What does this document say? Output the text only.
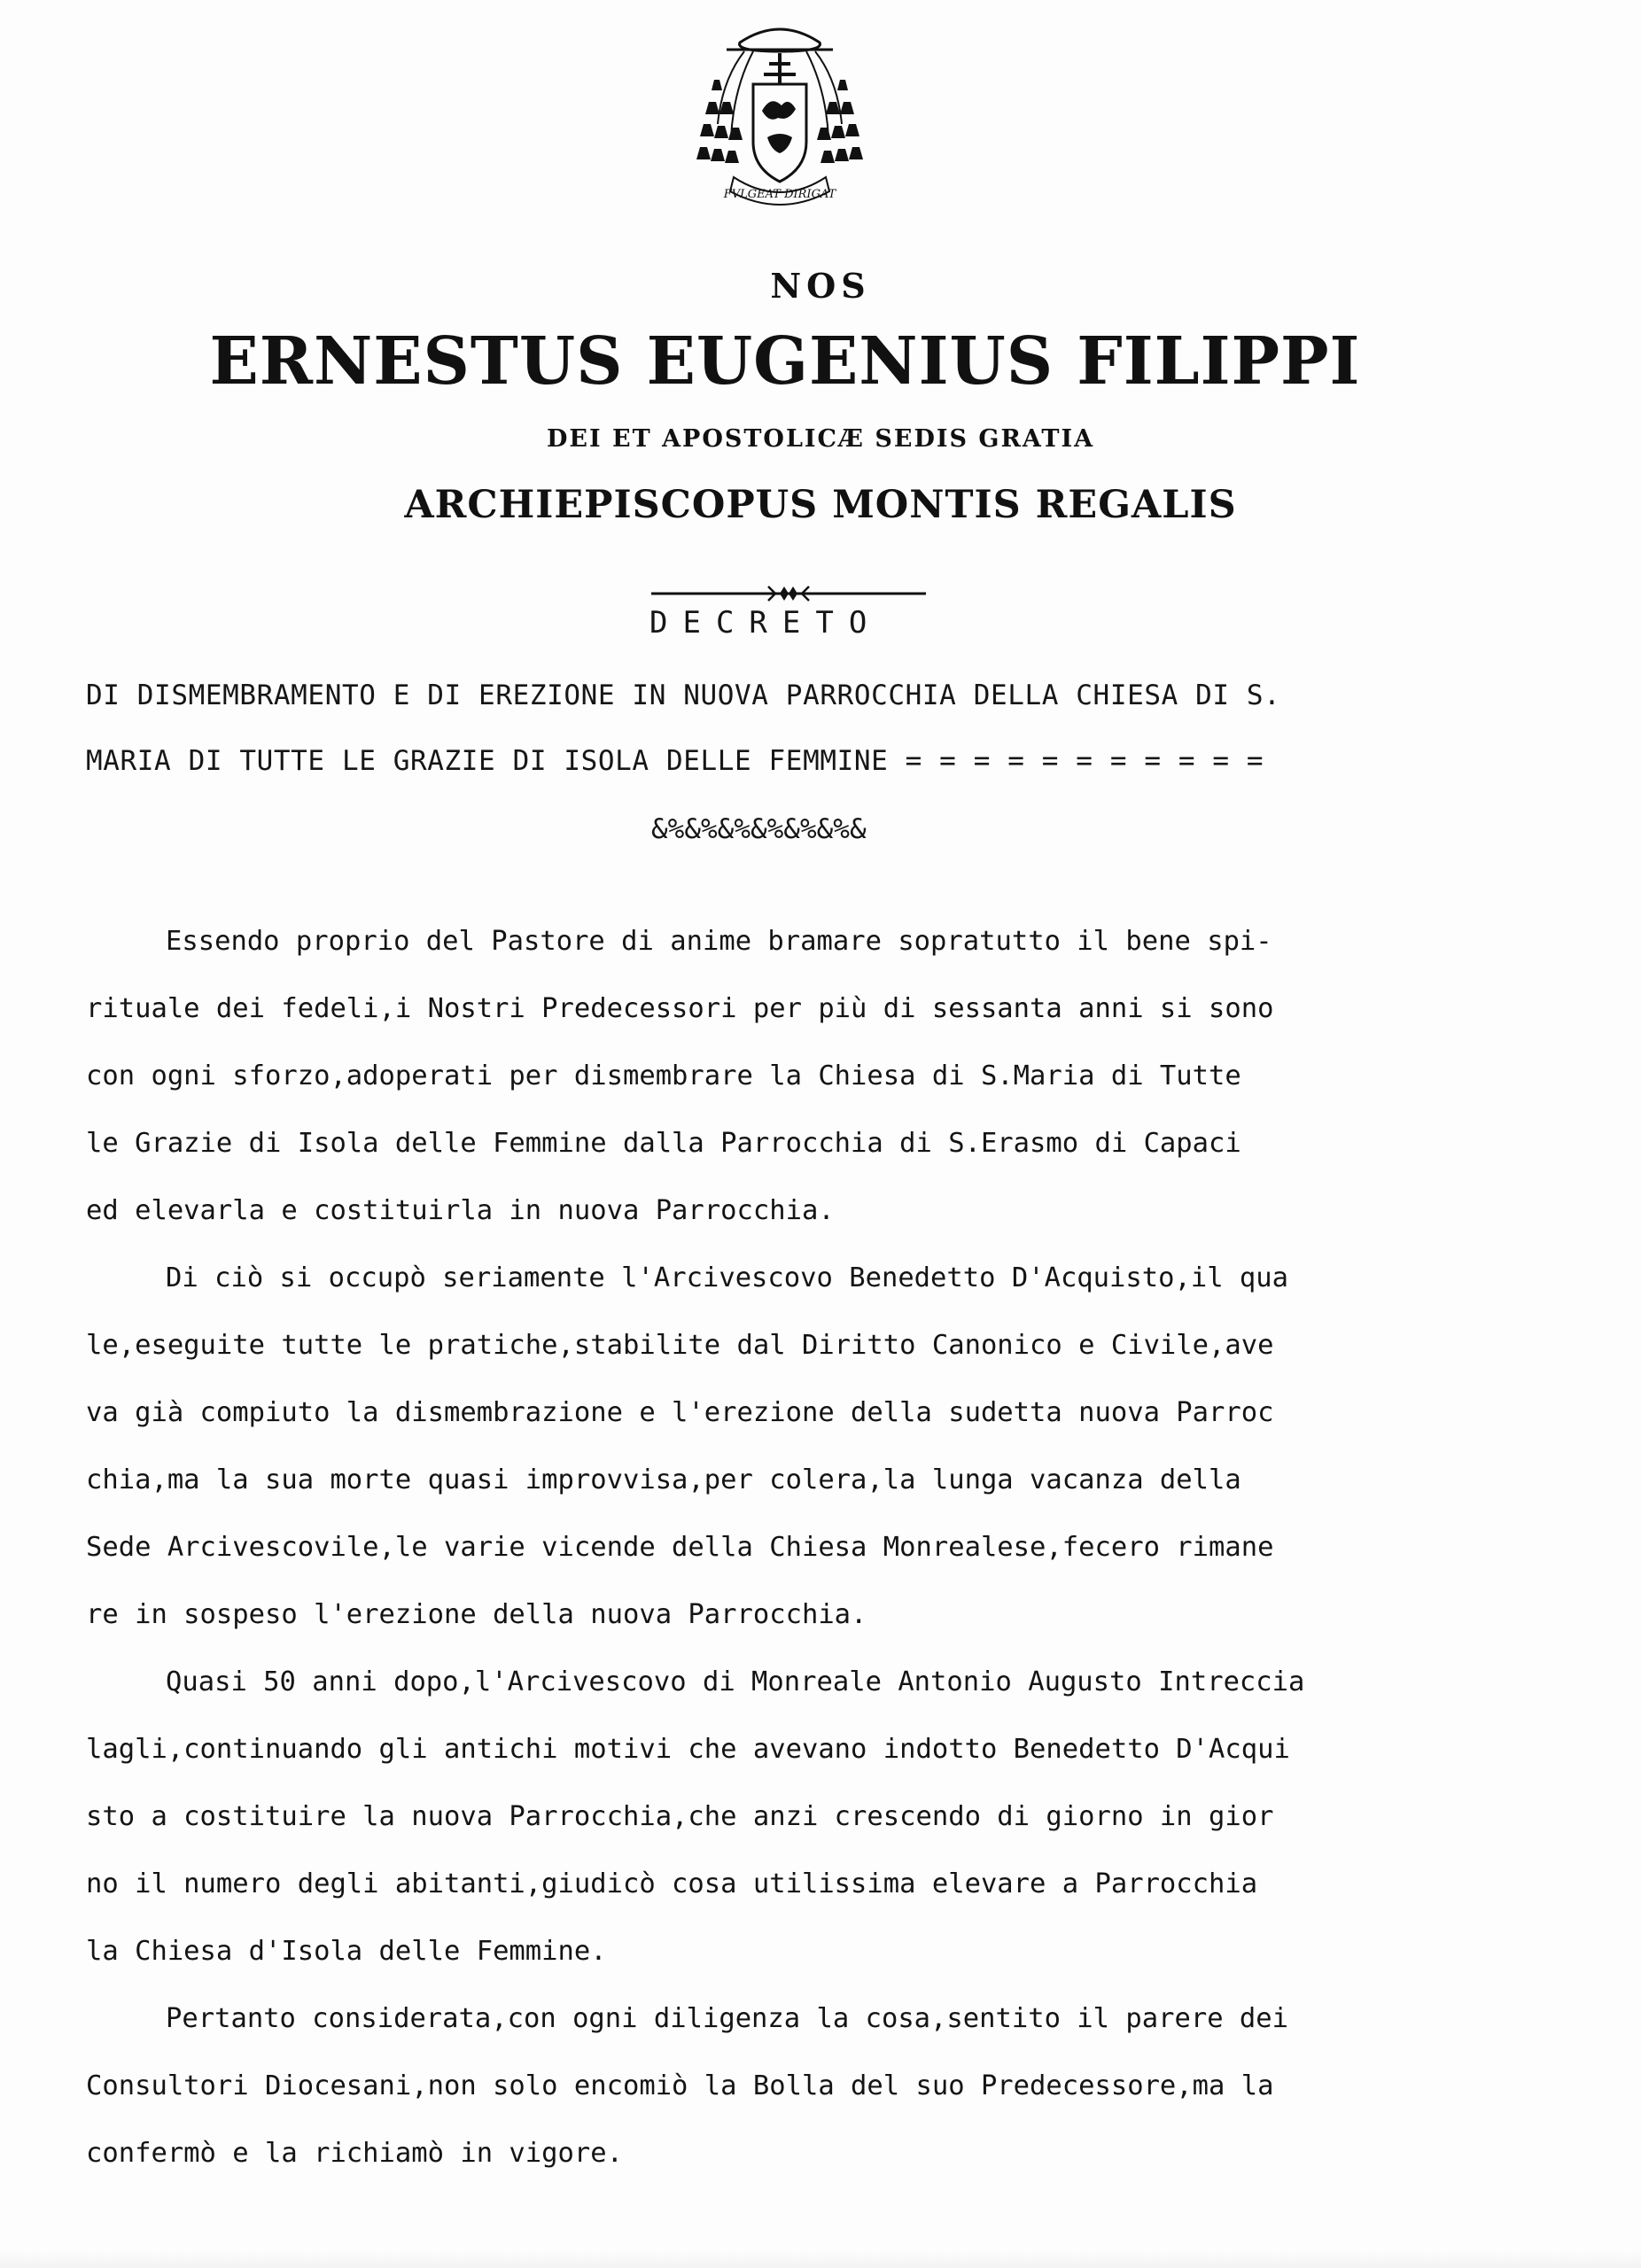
FVLGEAT DIRIGAT
NOS
ERNESTUS EUGENIUS FILIPPI
DEI ET APOSTOLICÆ SEDIS GRATIA
ARCHIEPISCOPUS MONTIS REGALIS
DECRETO
DI DISMEMBRAMENTO E DI EREZIONE IN NUOVA PARROCCHIA DELLA CHIESA DI S.
MARIA DI TUTTE LE GRAZIE DI ISOLA DELLE FEMMINE = = = = = = = = = = =
&%&%&%&%&%&%&

Essendo proprio del Pastore di anime bramare sopratutto il bene spi-
rituale dei fedeli,i Nostri Predecessori per più di sessanta anni si sono
con ogni sforzo,adoperati per dismembrare la Chiesa di S.Maria di Tutte
le Grazie di Isola delle Femmine dalla Parrocchia di S.Erasmo di Capaci
ed elevarla e costituirla in nuova Parrocchia.

Di ciò si occupò seriamente l'Arcivescovo Benedetto D'Acquisto,il qua
le,eseguite tutte le pratiche,stabilite dal Diritto Canonico e Civile,ave
va già compiuto la dismembrazione e l'erezione della sudetta nuova Parroc
chia,ma la sua morte quasi improvvisa,per colera,la lunga vacanza della
Sede Arcivescovile,le varie vicende della Chiesa Monrealese,fecero rimane
re in sospeso l'erezione della nuova Parrocchia.

Quasi 50 anni dopo,l'Arcivescovo di Monreale Antonio Augusto Intreccia
lagli,continuando gli antichi motivi che avevano indotto Benedetto D'Acqui
sto a costituire la nuova Parrocchia,che anzi crescendo di giorno in gior
no il numero degli abitanti,giudicò cosa utilissima elevare a Parrocchia
la Chiesa d'Isola delle Femmine.

Pertanto considerata,con ogni diligenza la cosa,sentito il parere dei
Consultori Diocesani,non solo encomiò la Bolla del suo Predecessore,ma la
confermò e la richiamò in vigore.
